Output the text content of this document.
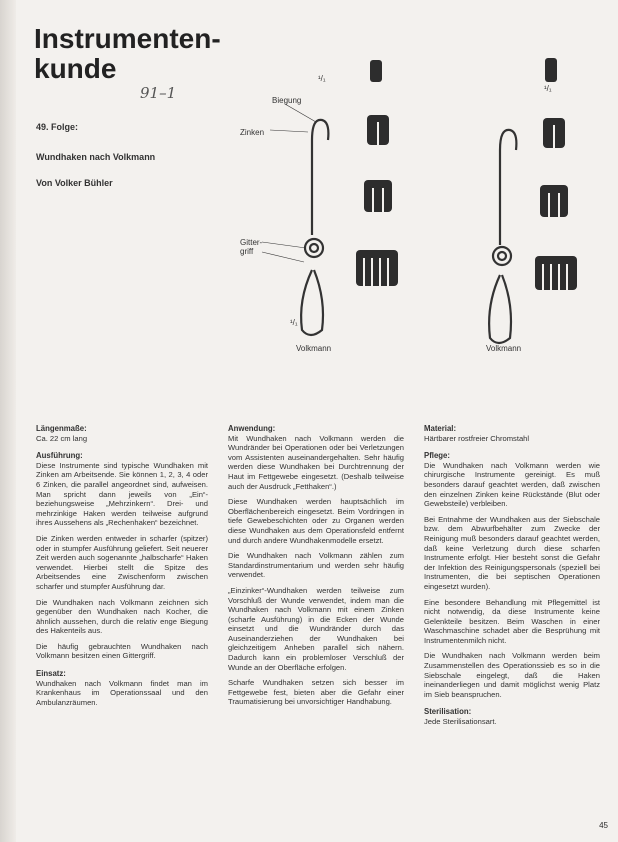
Instrumenten-
kunde
91–1
49. Folge:
Wundhaken nach Volkmann
Von Volker Bühler
Biegung
Zinken
Gitter-
griff
¹/₁
¹/₁
Volkmann
¹/₁
Volkmann
Längenmaße:

Ca. 22 cm lang

Ausführung:

Diese Instrumente sind typische Wundhaken mit Zinken am Arbeitsende. Sie können 1, 2, 3, 4 oder 6 Zinken, die parallel angeordnet sind, aufweisen. Man spricht dann jeweils von „Ein“- beziehungsweise „Mehrzinkern“. Drei- und mehrzinkige Haken werden teilweise aufgrund ihres Aussehens als „Rechenhaken“ bezeichnet.

Die Zinken werden entweder in scharfer (spitzer) oder in stumpfer Ausführung geliefert. Seit neuerer Zeit werden auch sogenannte „halbscharfe“ Haken verwendet. Hierbei stellt die Spitze des Arbeitsendes eine Zwischenform zwischen scharfer und stumpfer Ausführung dar.

Die Wundhaken nach Volkmann zeichnen sich gegenüber den Wundhaken nach Kocher, die ähnlich aussehen, durch die relativ enge Biegung des Hakenteils aus.

Die häufig gebrauchten Wundhaken nach Volkmann besitzen einen Gittergriff.

Einsatz:

Wundhaken nach Volkmann findet man im Krankenhaus im Operationssaal und den Ambulanzräumen.

Anwendung:

Mit Wundhaken nach Volkmann werden die Wundränder bei Operationen oder bei Verletzungen vom Assistenten auseinandergehalten. Sehr häufig werden diese Wundhaken bei Durchtrennung der Haut im Fettgewebe eingesetzt. (Deshalb teilweise auch der Ausdruck „Fetthaken“.)

Diese Wundhaken werden hauptsächlich im Oberflächenbereich eingesetzt. Beim Vordringen in tiefe Gewebeschichten oder zu Organen werden diese Wundhaken aus dem Operationsfeld entfernt und durch andere Wundhakenmodelle ersetzt.

Die Wundhaken nach Volkmann zählen zum Standardinstrumentarium und werden sehr häufig verwendet.

„Einzinker“-Wundhaken werden teilweise zum Vorschluß der Wunde verwendet, indem man die Wundhaken nach Volkmann mit einem Zinken (scharfe Ausführung) in die Ecken der Wunde einsetzt und die Wundränder durch das Auseinanderziehen der Wundhaken bei gleichzeitigem Anheben parallel sich nähern. Dadurch kann ein problemloser Verschluß der Wunde an der Oberfläche erfolgen.

Scharfe Wundhaken setzen sich besser im Fettgewebe fest, bieten aber die Gefahr einer Traumatisierung bei unvorsichtiger Handhabung.

Material:

Härtbarer rostfreier Chromstahl

Pflege:

Die Wundhaken nach Volkmann werden wie chirurgische Instrumente gereinigt. Es muß besonders darauf geachtet werden, daß zwischen den einzelnen Zinken keine Rückstände (Blut oder Gewebsteile) verbleiben.

Bei Entnahme der Wundhaken aus der Siebschale bzw. dem Abwurfbehälter zum Zwecke der Reinigung muß besonders darauf geachtet werden, daß keine Verletzung durch diese scharfen Instrumente erfolgt. Hier besteht sonst die Gefahr der Infektion des Reinigungspersonals (speziell bei Instrumenten, die bei septischen Operationen eingesetzt wurden).

Eine besondere Behandlung mit Pflegemittel ist nicht notwendig, da diese Instrumente keine Gelenkteile besitzen. Beim Waschen in einer Waschmaschine schadet aber die Besprühung mit Instrumentenmilch nicht.

Die Wundhaken nach Volkmann werden beim Zusammenstellen des Operationssieb es so in die Siebschale eingelegt, daß die Haken ineinanderliegen und damit möglichst wenig Platz im Sieb beanspruchen.

Sterilisation:

Jede Sterilisationsart.

45
